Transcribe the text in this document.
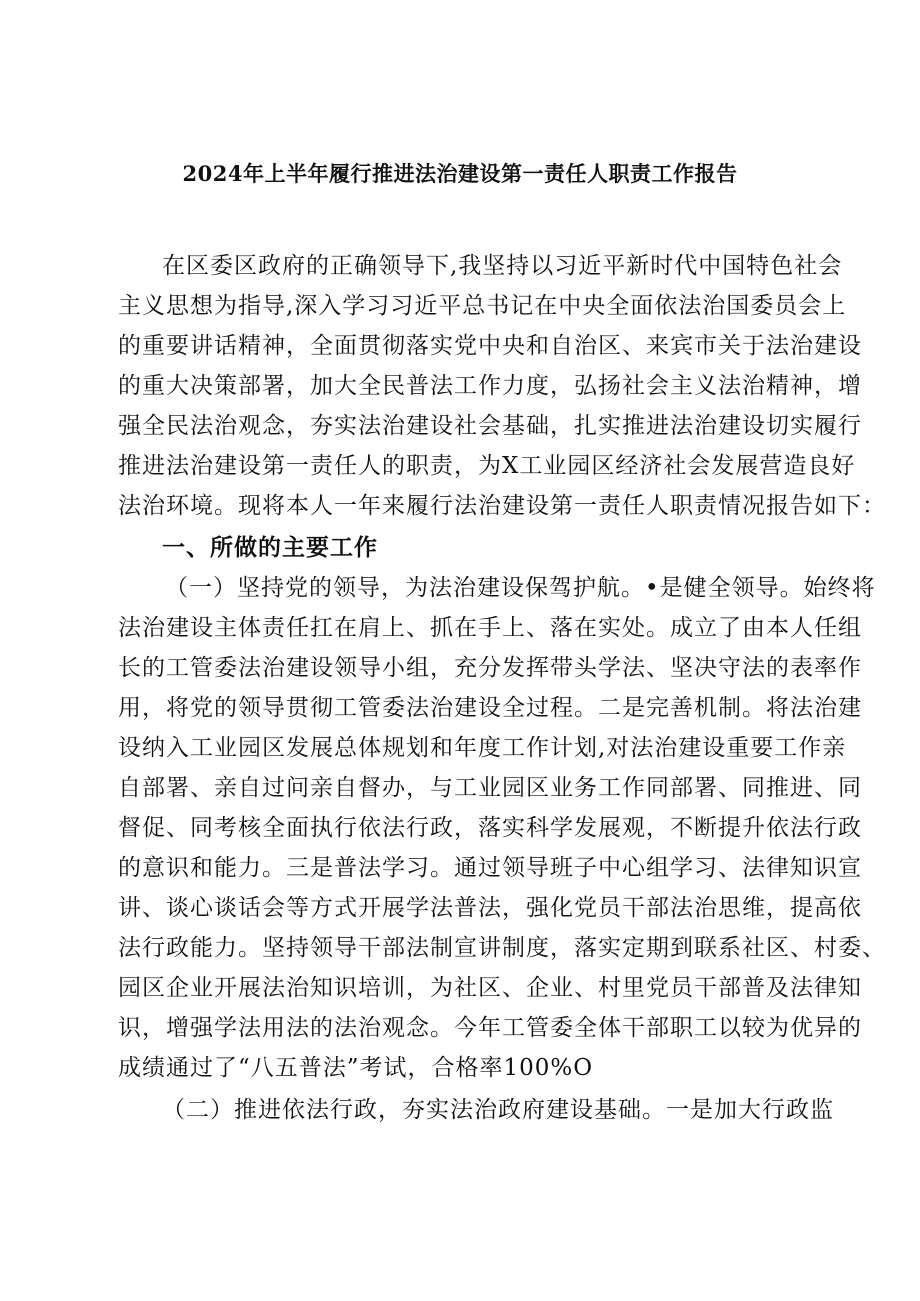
2024年上半年履行推进法治建设第一责任人职责工作报告
在区委区政府的正确领导下,我坚持以习近平新时代中国特色社会
主义思想为指导,深入学习习近平总书记在中央全面依法治国委员会上
的重要讲话精神，全面贯彻落实党中央和自治区、来宾市关于法治建设
的重大决策部署，加大全民普法工作力度，弘扬社会主义法治精神，增
强全民法治观念，夯实法治建设社会基础，扎实推进法治建设切实履行
推进法治建设第一责任人的职责，为X工业园区经济社会发展营造良好
法治环境。现将本人一年来履行法治建设第一责任人职责情况报告如下：
一、所做的主要工作
（一）坚持党的领导，为法治建设保驾护航。•是健全领导。始终将
法治建设主体责任扛在肩上、抓在手上、落在实处。成立了由本人任组
长的工管委法治建设领导小组，充分发挥带头学法、坚决守法的表率作
用，将党的领导贯彻工管委法治建设全过程。二是完善机制。将法治建
设纳入工业园区发展总体规划和年度工作计划,对法治建设重要工作亲
自部署、亲自过问亲自督办，与工业园区业务工作同部署、同推进、同
督促、同考核全面执行依法行政，落实科学发展观，不断提升依法行政
的意识和能力。三是普法学习。通过领导班子中心组学习、法律知识宣
讲、谈心谈话会等方式开展学法普法，强化党员干部法治思维，提高依
法行政能力。坚持领导干部法制宣讲制度，落实定期到联系社区、村委、
园区企业开展法治知识培训，为社区、企业、村里党员干部普及法律知
识，增强学法用法的法治观念。今年工管委全体干部职工以较为优异的
成绩通过了“八五普法”考试，合格率100%O
（二）推进依法行政，夯实法治政府建设基础。一是加大行政监
